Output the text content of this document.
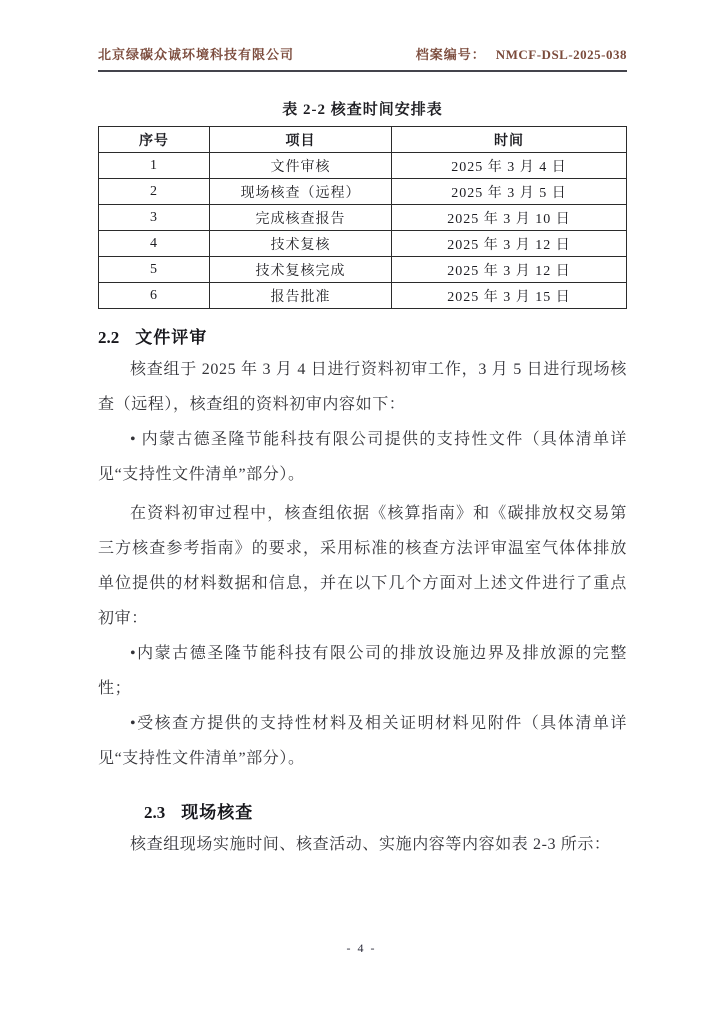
北京绿碳众诚环境科技有限公司	档案编号： NMCF-DSL-2025-038
表 2-2 核查时间安排表
序号	项目	时间
1	文件审核	2025 年 3 月 4 日
2	现场核查（远程）	2025 年 3 月 5 日
3	完成核查报告	2025 年 3 月 10 日
4	技术复核	2025 年 3 月 12 日
5	技术复核完成	2025 年 3 月 12 日
6	报告批准	2025 年 3 月 15 日
2.2 文件评审

核查组于 2025 年 3 月 4 日进行资料初审工作，3 月 5 日进行现场核查（远程），核查组的资料初审内容如下：

• 内蒙古德圣隆节能科技有限公司提供的支持性文件（具体清单详见“支持性文件清单”部分）。

在资料初审过程中，核查组依据《核算指南》和《碳排放权交易第三方核查参考指南》的要求，采用标准的核查方法评审温室气体体排放单位提供的材料数据和信息，并在以下几个方面对上述文件进行了重点初审：

•内蒙古德圣隆节能科技有限公司的排放设施边界及排放源的完整性；

•受核查方提供的支持性材料及相关证明材料见附件（具体清单详见“支持性文件清单”部分）。

2.3 现场核查

核查组现场实施时间、核查活动、实施内容等内容如表 2-3 所示：

- 4 -
